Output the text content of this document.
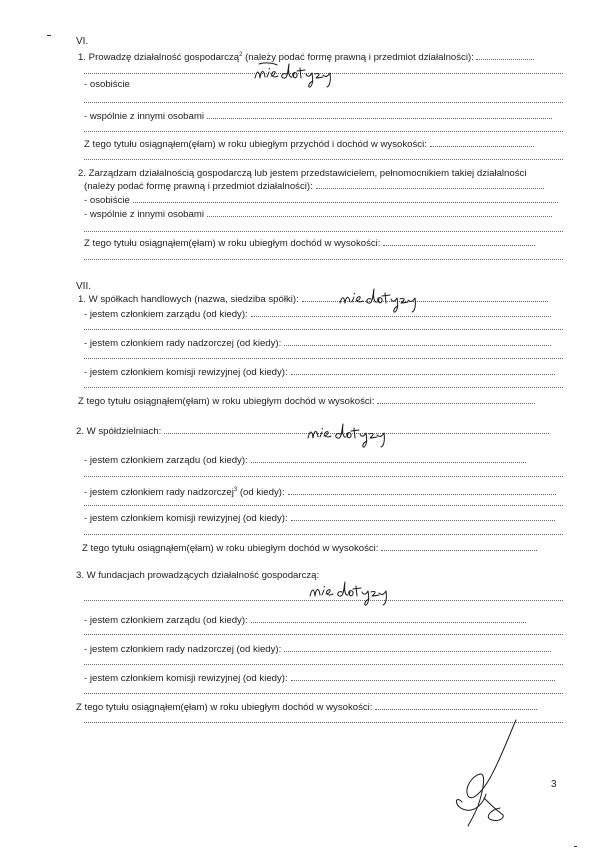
VI.
1. Prowadzę działalność gospodarczą$^2$ (należy podać formę prawną i przedmiot działalności):
- osobiście
- wspólnie z innymi osobami
Z tego tytułu osiągnąłem(ęłam) w roku ubiegłym przychód i dochód w wysokości:
2. Zarządzam działalnością gospodarczą lub jestem przedstawicielem, pełnomocnikiem takiej działalności
(należy podać formę prawną i przedmiot działalności):
- osobiście
- wspólnie z innymi osobami
Z tego tytułu osiągnąłem(ęłam) w roku ubiegłym dochód w wysokości:
VII.
1. W spółkach handlowych (nazwa, siedziba spółki):
- jestem członkiem zarządu (od kiedy):
- jestem członkiem rady nadzorczej (od kiedy):
- jestem członkiem komisji rewizyjnej (od kiedy):
Z tego tytułu osiągnąłem(ęłam) w roku ubiegłym dochód w wysokości:
2. W spółdzielniach:
- jestem członkiem zarządu (od kiedy):
- jestem członkiem rady nadzorczej$^3$ (od kiedy):
- jestem członkiem komisji rewizyjnej (od kiedy):
Z tego tytułu osiągnąłem(ęłam) w roku ubiegłym dochód w wysokości:
3. W fundacjach prowadzących działalność gospodarczą:
- jestem członkiem zarządu (od kiedy):
- jestem członkiem rady nadzorczej (od kiedy):
- jestem członkiem komisji rewizyjnej (od kiedy):
Z tego tytułu osiągnąłem(ęłam) w roku ubiegłym dochód w wysokości:
3
